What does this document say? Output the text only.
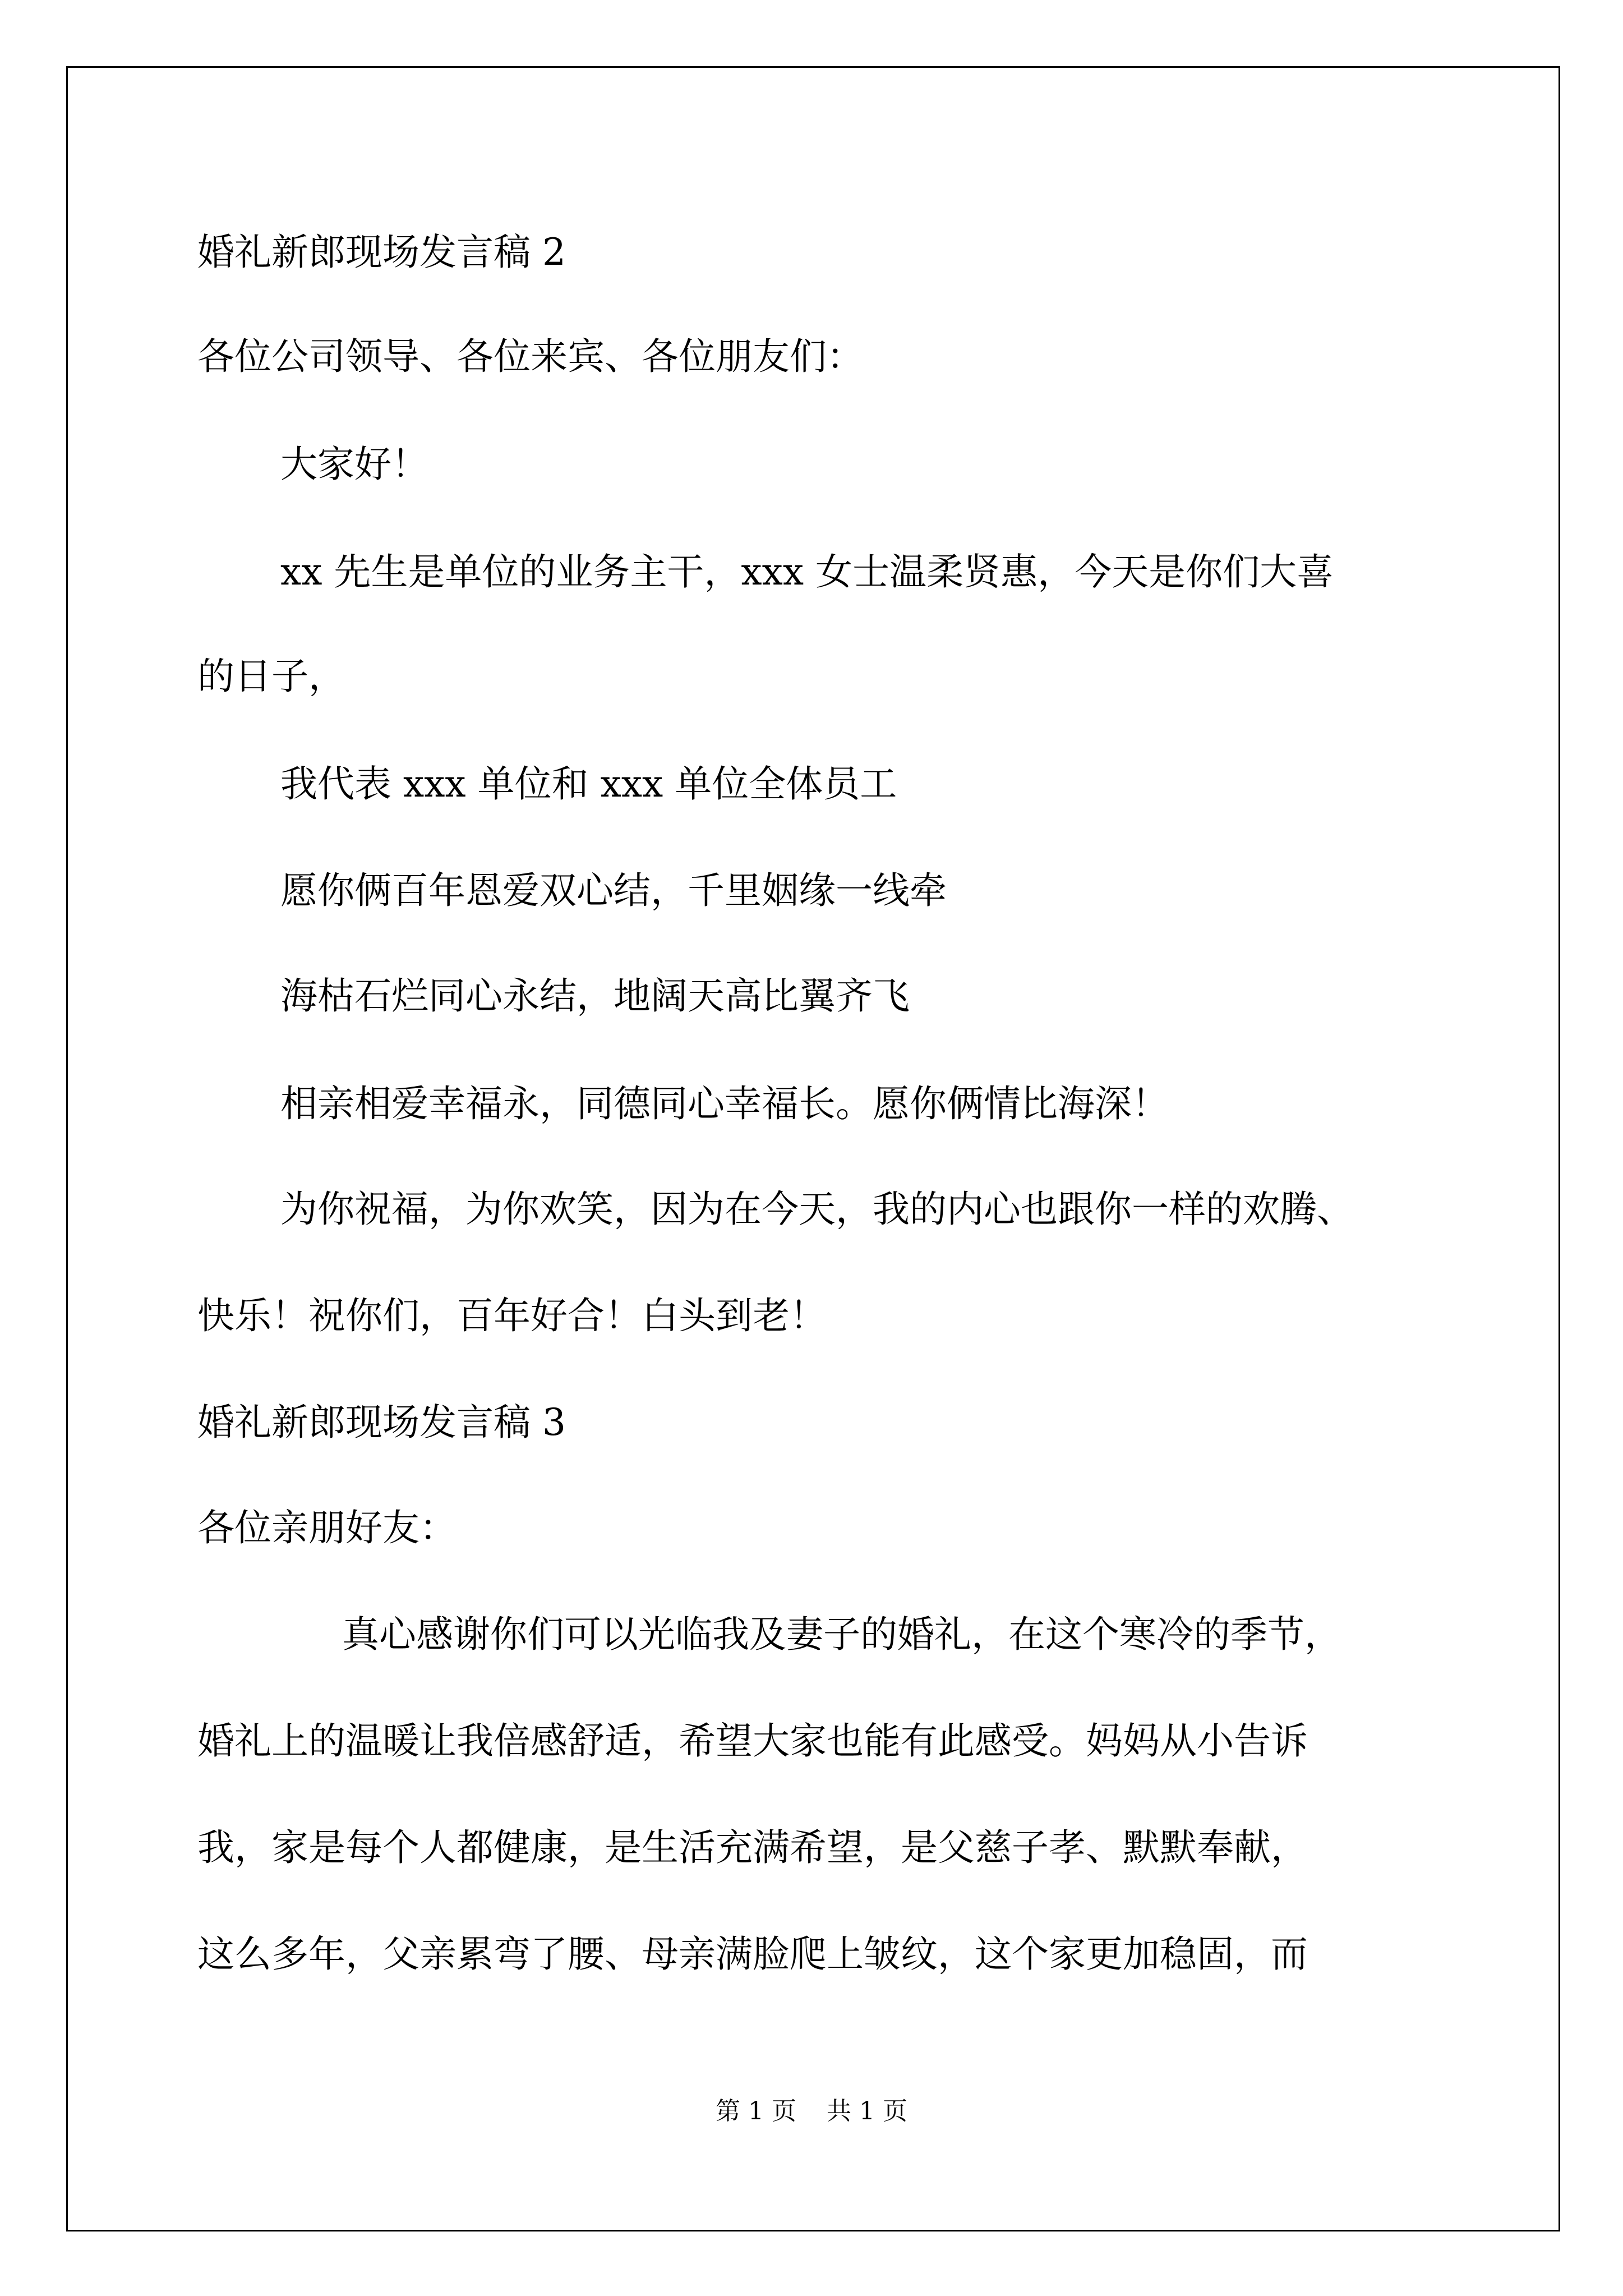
婚礼新郎现场发言稿 2
各位公司领导、各位来宾、各位朋友们：
大家好！
xx 先生是单位的业务主干，xxx 女士温柔贤惠，今天是你们大喜
的日子，
我代表 xxx 单位和 xxx 单位全体员工
愿你俩百年恩爱双心结，千里姻缘一线牵
海枯石烂同心永结，地阔天高比翼齐飞
相亲相爱幸福永，同德同心幸福长。愿你俩情比海深！
为你祝福，为你欢笑，因为在今天，我的内心也跟你一样的欢腾、
快乐！祝你们，百年好合！白头到老！
婚礼新郎现场发言稿 3
各位亲朋好友：
真心感谢你们可以光临我及妻子的婚礼，在这个寒冷的季节，
婚礼上的温暖让我倍感舒适，希望大家也能有此感受。妈妈从小告诉
我，家是每个人都健康，是生活充满希望，是父慈子孝、默默奉献，
这么多年，父亲累弯了腰、母亲满脸爬上皱纹，这个家更加稳固，而
第 1 页 共 1 页
